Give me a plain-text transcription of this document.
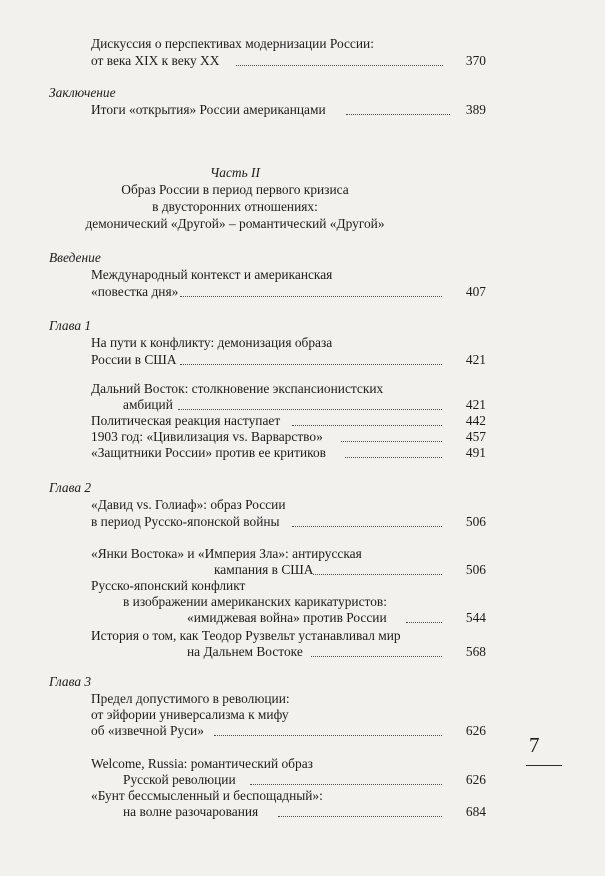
Дискуссия о перспективах модернизации России:
от века XIX к веку XX	370
Заключение
Итоги «открытия» России американцами	389
Часть II
Образ России в период первого кризиса
в двусторонних отношениях:
демонический «Другой» – романтический «Другой»
Введение
Международный контекст и американская
«повестка дня»	407
Глава 1
На пути к конфликту: демонизация образа
России в США	421
Дальний Восток: столкновение экспансионистских
амбиций	421
Политическая реакция наступает	442
1903 год: «Цивилизация vs. Варварство»	457
«Защитники России» против ее критиков	491
Глава 2
«Давид vs. Голиаф»: образ России
в период Русско-японской войны	506
«Янки Востока» и «Империя Зла»: антирусская
кампания в США	506
Русско-японский конфликт
в изображении американских карикатуристов:
«имиджевая война» против России	544
История о том, как Теодор Рузвельт устанавливал мир
на Дальнем Востоке	568
Глава 3
Предел допустимого в революции:
от эйфории универсализма к мифу
об «извечной Руси»	626
Welcome, Russia: романтический образ
Русской революции	626
«Бунт бессмысленный и беспощадный»:
на волне разочарования	684
7
